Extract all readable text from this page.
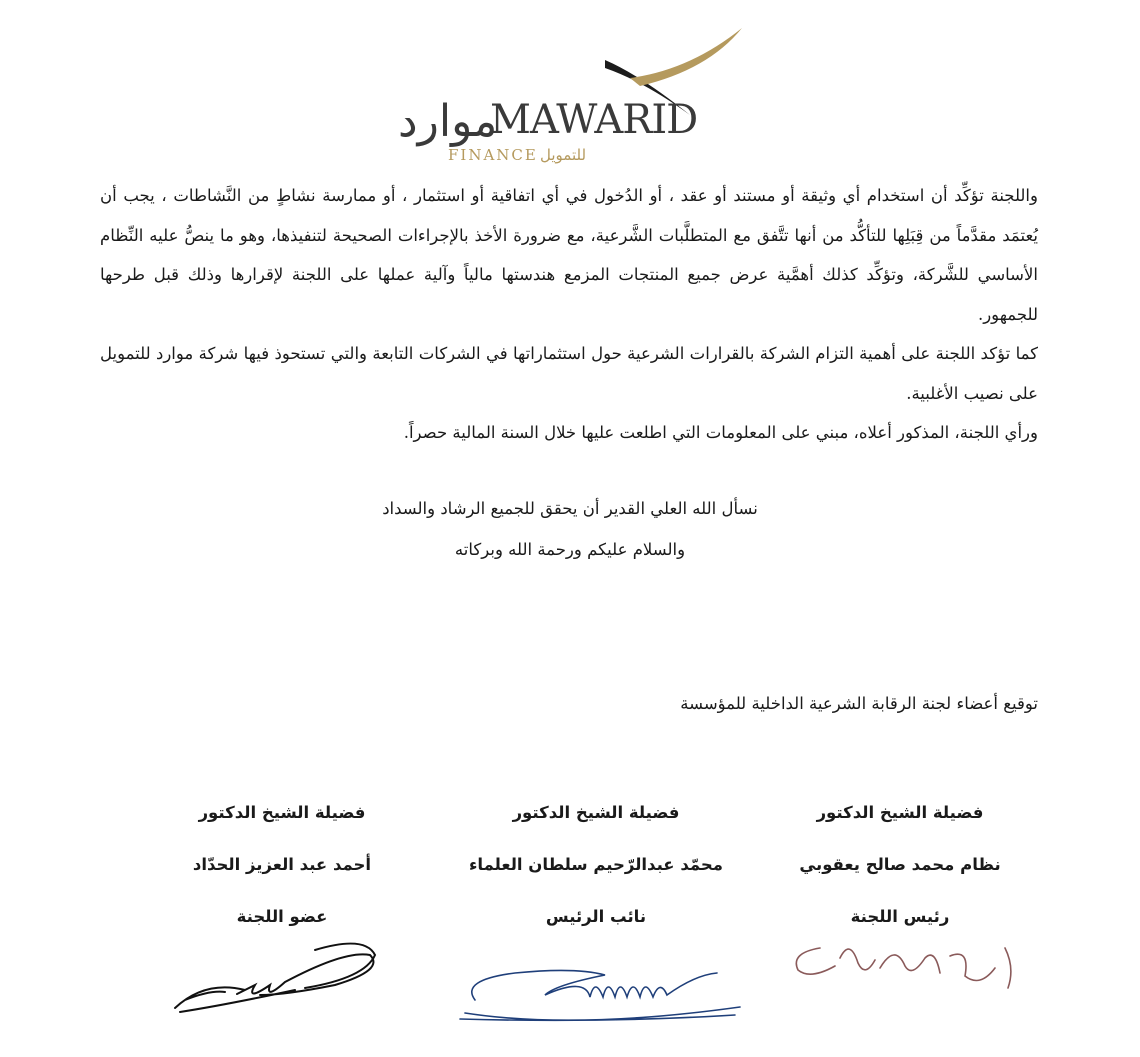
موارد
MAWARID
FINANCE للتمويل

واللجنة تؤكِّد أن استخدام أي وثيقة أو مستند أو عقد ، أو الدُخول في أي اتفاقية أو استثمار ، أو ممارسة نشاطٍ من النَّشاطات ، يجب أن يُعتمَد مقدَّماً من قِبَلِها للتأكُّد من أنها تتَّفق مع المتطلَّبات الشَّرعية، مع ضرورة الأخذ بالإجراءات الصحيحة لتنفيذها، وهو ما ينصُّ عليه النِّظام الأساسي للشَّركة، وتؤكِّد كذلك أهمَّية عرض جميع المنتجات المزمع هندستها مالياً وآلية عملها على اللجنة لإقرارها وذلك قبل طرحها للجمهور.

كما تؤكد اللجنة على أهمية التزام الشركة بالقرارات الشرعية حول استثماراتها في الشركات التابعة والتي تستحوذ فيها شركة موارد للتمويل على نصيب الأغلبية.

ورأي اللجنة، المذكور أعلاه، مبني على المعلومات التي اطلعت عليها خلال السنة المالية حصراً.

نسأل الله العلي القدير أن يحقق للجميع الرشاد والسداد
والسلام عليكم ورحمة الله وبركاته
توقيع أعضاء لجنة الرقابة الشرعية الداخلية للمؤسسة
فضيلة الشيخ الدكتور
نظام محمد صالح يعقوبي
رئيس اللجنة
فضيلة الشيخ الدكتور
محمّد عبدالرّحيم سلطان العلماء
نائب الرئيس
فضيلة الشيخ الدكتور
أحمد عبد العزيز الحدّاد
عضو اللجنة
